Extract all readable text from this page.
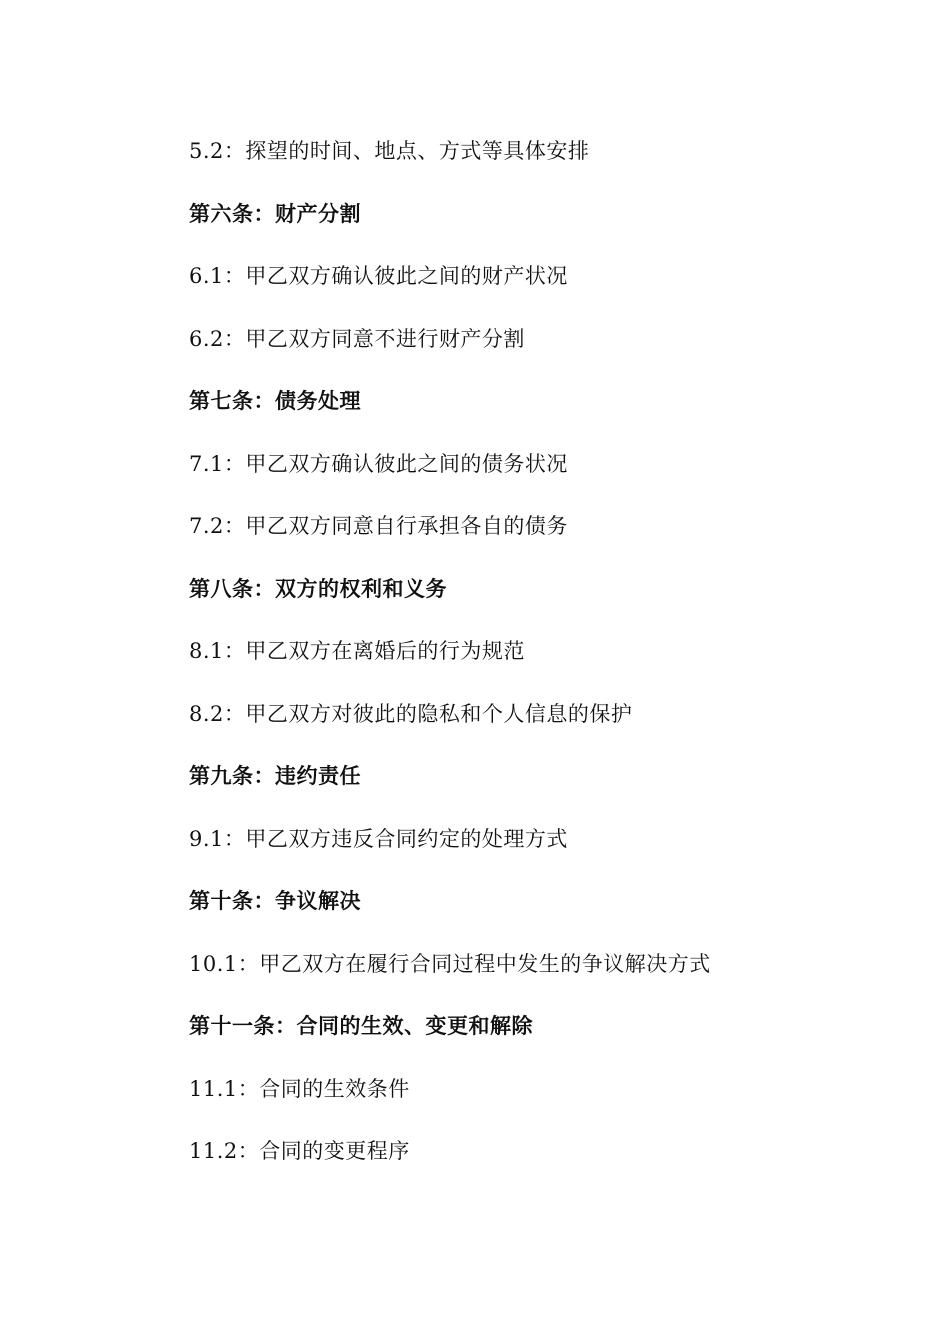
5.2：探望的时间、地点、方式等具体安排
第六条：财产分割
6.1：甲乙双方确认彼此之间的财产状况
6.2：甲乙双方同意不进行财产分割
第七条：债务处理
7.1：甲乙双方确认彼此之间的债务状况
7.2：甲乙双方同意自行承担各自的债务
第八条：双方的权利和义务
8.1：甲乙双方在离婚后的行为规范
8.2：甲乙双方对彼此的隐私和个人信息的保护
第九条：违约责任
9.1：甲乙双方违反合同约定的处理方式
第十条：争议解决
10.1：甲乙双方在履行合同过程中发生的争议解决方式
第十一条：合同的生效、变更和解除
11.1：合同的生效条件
11.2：合同的变更程序
